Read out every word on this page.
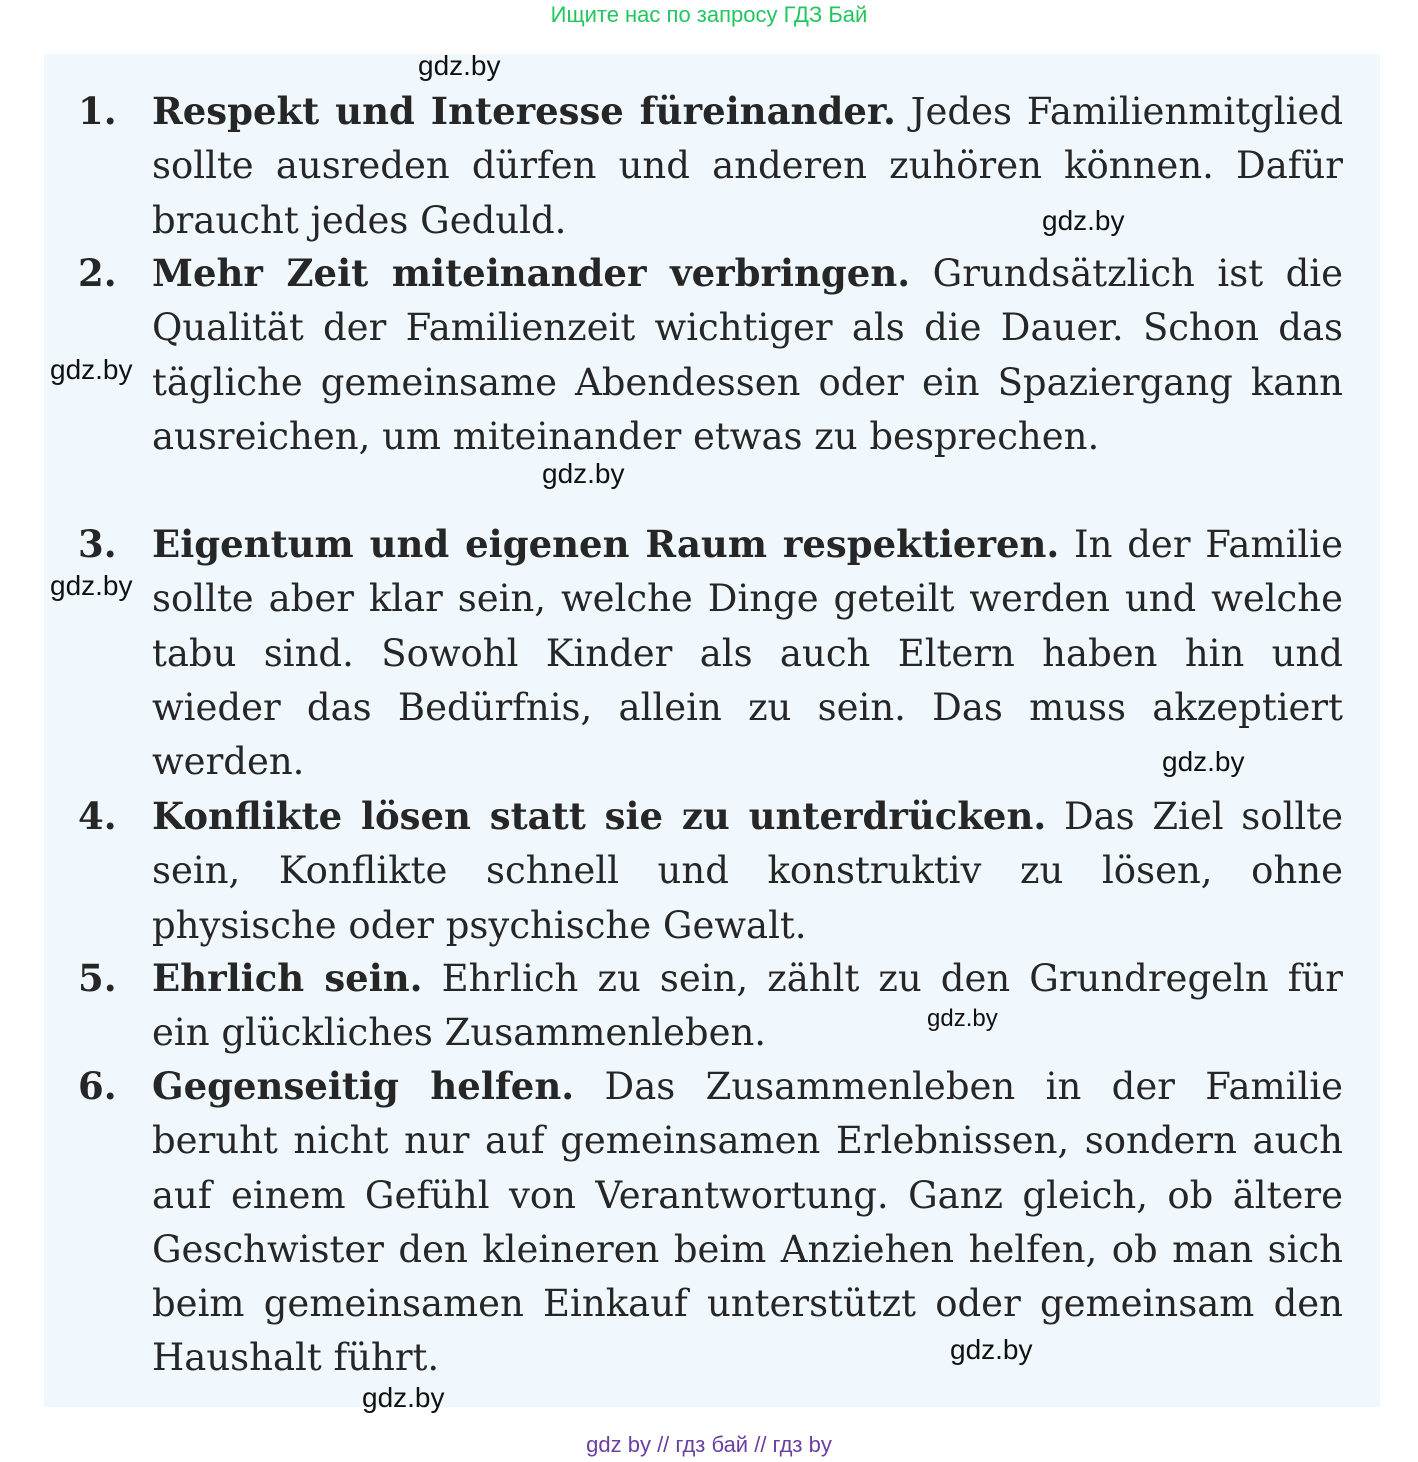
Ищите нас по запросу ГДЗ Бай
1. Respekt und Interesse füreinander. Jedes Familienmitglied sollte ausreden dürfen und anderen zuhören können. Dafür braucht jedes Geduld.
2. Mehr Zeit miteinander verbringen. Grundsätzlich ist die Qualität der Familienzeit wichtiger als die Dauer. Schon das tägliche gemeinsame Abendessen oder ein Spaziergang kann ausreichen, um miteinander etwas zu besprechen.
3. Eigentum und eigenen Raum respektieren. In der Familie sollte aber klar sein, welche Dinge geteilt werden und welche tabu sind. Sowohl Kinder als auch Eltern haben hin und wieder das Bedürfnis, allein zu sein. Das muss akzeptiert werden.
4. Konflikte lösen statt sie zu unterdrücken. Das Ziel sollte sein, Konflikte schnell und konstruktiv zu lösen, ohne physische oder psychische Gewalt.
5. Ehrlich sein. Ehrlich zu sein, zählt zu den Grundregeln für ein glückliches Zusammenleben.
6. Gegenseitig helfen. Das Zusammenleben in der Familie beruht nicht nur auf gemeinsamen Erlebnissen, sondern auch auf einem Gefühl von Verantwortung. Ganz gleich, ob ältere Geschwister den kleineren beim Anziehen helfen, ob man sich beim gemeinsamen Einkauf unterstützt oder gemeinsam den Haushalt führt.
gdz.by
gdz.by
gdz.by
gdz.by
gdz.by
gdz.by
gdz.by
gdz.by
gdz.by
gdz by // гдз бай // гдз by
